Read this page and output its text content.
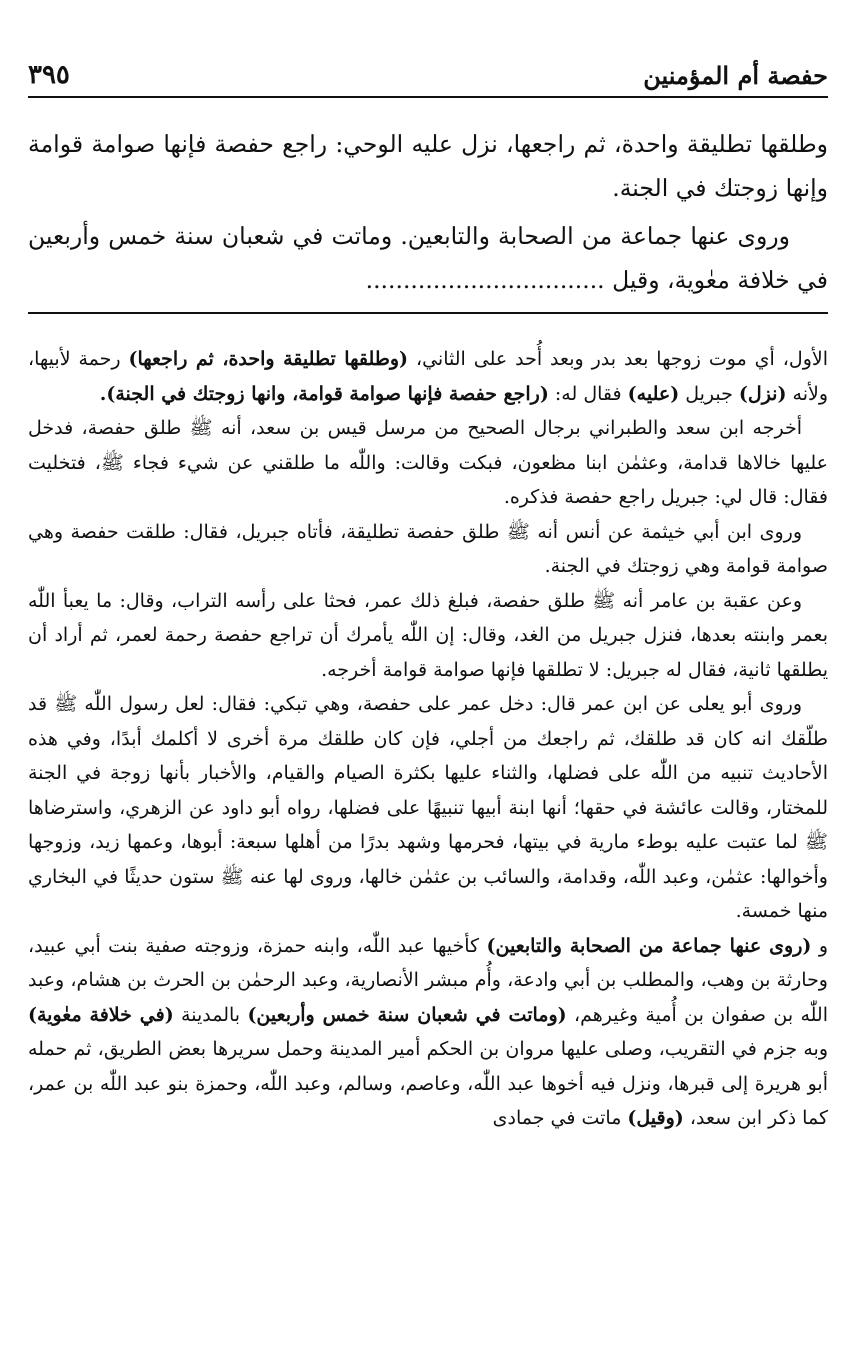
حفصة أم المؤمنين
٣٩٥

وطلقها تطليقة واحدة، ثم راجعها، نزل عليه الوحي: راجع حفصة فإنها صوامة قوامة وإنها زوجتك في الجنة.

وروى عنها جماعة من الصحابة والتابعين. وماتت في شعبان سنة خمس وأربعين في خلافة معٰوية، وقيل ................................

الأول، أي موت زوجها بعد بدر وبعد أُحد على الثاني، (وطلقها تطليقة واحدة، ثم راجعها) رحمة لأبيها، ولأنه (نزل) جبريل (عليه) فقال له: (راجع حفصة فإنها صوامة قوامة، وانها زوجتك في الجنة).

أخرجه ابن سعد والطبراني برجال الصحيح من مرسل قيس بن سعد، أنه ﷺ طلق حفصة، فدخل عليها خالاها قدامة، وعثمٰن ابنا مظعون، فبكت وقالت: واللّٰه ما طلقني عن شيء فجاء ﷺ، فتخليت فقال: قال لي: جبريل راجع حفصة فذكره.

وروى ابن أبي خيثمة عن أنس أنه ﷺ طلق حفصة تطليقة، فأتاه جبريل، فقال: طلقت حفصة وهي صوامة قوامة وهي زوجتك في الجنة.

وعن عقبة بن عامر أنه ﷺ طلق حفصة، فبلغ ذلك عمر، فحثا على رأسه التراب، وقال: ما يعبأ اللّٰه بعمر وابنته بعدها، فنزل جبريل من الغد، وقال: إن اللّٰه يأمرك أن تراجع حفصة رحمة لعمر، ثم أراد أن يطلقها ثانية، فقال له جبريل: لا تطلقها فإنها صوامة قوامة أخرجه.

وروى أبو يعلى عن ابن عمر قال: دخل عمر على حفصة، وهي تبكي: فقال: لعل رسول اللّٰه ﷺ قد طلّقك انه كان قد طلقك، ثم راجعك من أجلي، فإن كان طلقك مرة أخرى لا أكلمك أبدًا، وفي هذه الأحاديث تنبيه من اللّٰه على فضلها، والثناء عليها بكثرة الصيام والقيام، والأخبار بأنها زوجة في الجنة للمختار، وقالت عائشة في حقها؛ أنها ابنة أبيها تنبيهًا على فضلها، رواه أبو داود عن الزهري، واسترضاها ﷺ لما عتبت عليه بوطء مارية في بيتها، فحرمها وشهد بدرًا من أهلها سبعة: أبوها، وعمها زيد، وزوجها وأخوالها: عثمٰن، وعبد اللّٰه، وقدامة، والسائب بن عثمٰن خالها، وروى لها عنه ﷺ ستون حديثًا في البخاري منها خمسة.

و (روى عنها جماعة من الصحابة والتابعين) كأخيها عبد اللّٰه، وابنه حمزة، وزوجته صفية بنت أبي عبيد، وحارثة بن وهب، والمطلب بن أبي وادعة، وأُم مبشر الأنصارية، وعبد الرحمٰن بن الحرث بن هشام، وعبد اللّٰه بن صفوان بن أُمية وغيرهم، (وماتت في شعبان سنة خمس وأربعين) بالمدينة (في خلافة معٰوية) وبه جزم في التقريب، وصلى عليها مروان بن الحكم أمير المدينة وحمل سريرها بعض الطريق، ثم حمله أبو هريرة إلى قبرها، ونزل فيه أخوها عبد اللّٰه، وعاصم، وسالم، وعبد اللّٰه، وحمزة بنو عبد اللّٰه بن عمر، كما ذكر ابن سعد، (وقيل) ماتت في جمادى
